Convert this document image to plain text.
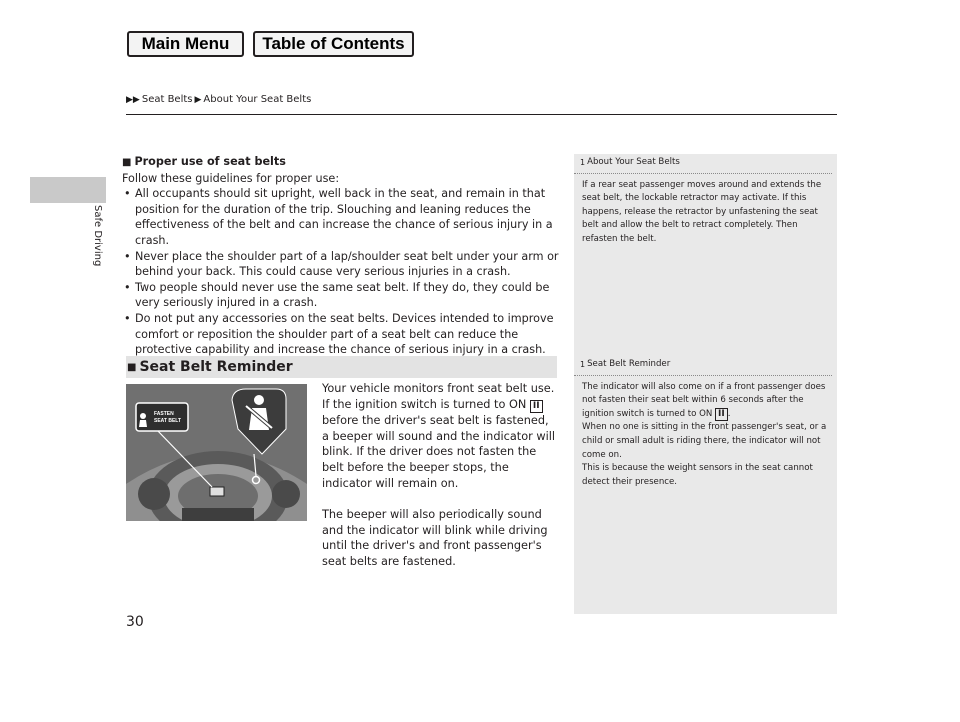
Main Menu	Table of Contents
▶▶ Seat Belts ▶ About Your Seat Belts
Safe Driving
■ Proper use of seat belts
Follow these guidelines for proper use:
• All occupants should sit upright, well back in the seat, and remain in that position for the duration of the trip. Slouching and leaning reduces the effectiveness of the belt and can increase the chance of serious injury in a crash.
• Never place the shoulder part of a lap/shoulder seat belt under your arm or behind your back. This could cause very serious injuries in a crash.
• Two people should never use the same seat belt. If they do, they could be very seriously injured in a crash.
• Do not put any accessories on the seat belts. Devices intended to improve comfort or reposition the shoulder part of a seat belt can reduce the protective capability and increase the chance of serious injury in a crash.
■ Seat Belt Reminder
FASTEN
SEAT BELT

Your vehicle monitors front seat belt use. If the ignition switch is turned to ON II before the driver's seat belt is fastened, a beeper will sound and the indicator will blink. If the driver does not fasten the belt before the beeper stops, the indicator will remain on.

The beeper will also periodically sound and the indicator will blink while driving until the driver's and front passenger's seat belts are fastened.

1 About Your Seat Belts

If a rear seat passenger moves around and extends the seat belt, the lockable retractor may activate. If this happens, release the retractor by unfastening the seat belt and allow the belt to retract completely. Then refasten the belt.

1 Seat Belt Reminder

The indicator will also come on if a front passenger does not fasten their seat belt within 6 seconds after the ignition switch is turned to ON II .

When no one is sitting in the front passenger's seat, or a child or small adult is riding there, the indicator will not come on.

This is because the weight sensors in the seat cannot detect their presence.

30
